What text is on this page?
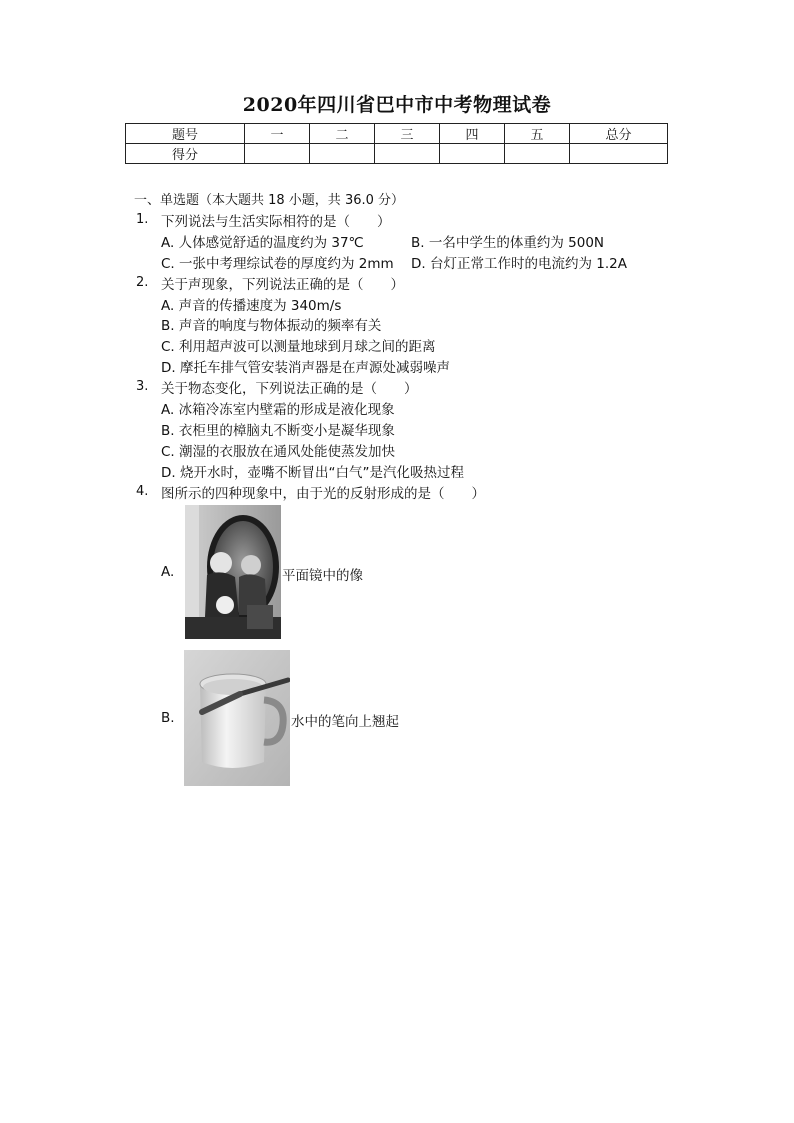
2020年四川省巴中市中考物理试卷
题号	一	二	三	四	五	总分
得分						
一、单选题（本大题共 18 小题，共 36.0 分）
1. 下列说法与生活实际相符的是（　　）
A. 人体感觉舒适的温度约为 37℃	B. 一名中学生的体重约为 500N
C. 一张中考理综试卷的厚度约为 2mm D. 台灯正常工作时的电流约为 1.2A
2. 关于声现象，下列说法正确的是（　　）
A. 声音的传播速度为 340m/s
B. 声音的响度与物体振动的频率有关
C. 利用超声波可以测量地球到月球之间的距离
D. 摩托车排气管安装消声器是在声源处减弱噪声
3. 关于物态变化，下列说法正确的是（　　）
A. 冰箱冷冻室内壁霜的形成是液化现象
B. 衣柜里的樟脑丸不断变小是凝华现象
C. 潮湿的衣服放在通风处能使蒸发加快
D. 烧开水时，壶嘴不断冒出“白气”是汽化吸热过程
4. 图所示的四种现象中，由于光的反射形成的是（　　）
A.	平面镜中的像
B.	水中的笔向上翘起
